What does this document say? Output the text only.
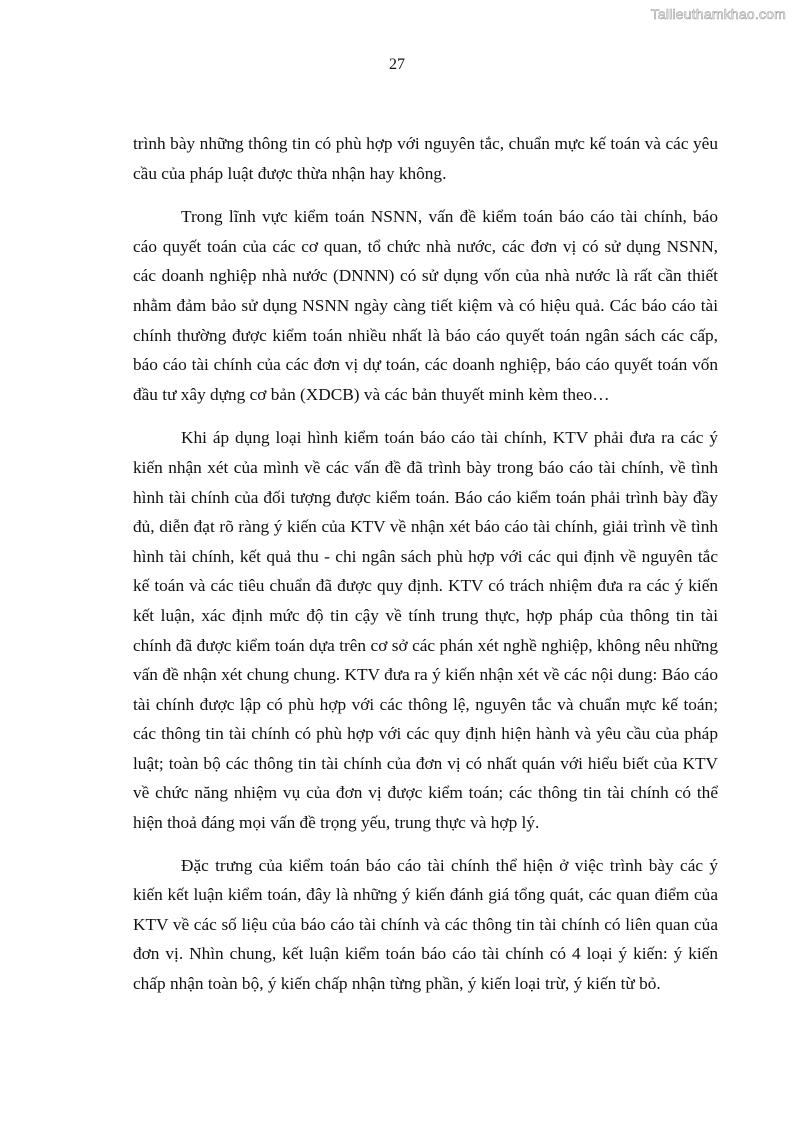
Tailieuthamkhao.com
27

trình bày những thông tin có phù hợp với nguyên tắc, chuẩn mực kế toán và các yêu cầu của pháp luật được thừa nhận hay không.

Trong lĩnh vực kiểm toán NSNN, vấn đề kiểm toán báo cáo tài chính, báo cáo quyết toán của các cơ quan, tổ chức nhà nước, các đơn vị có sử dụng NSNN, các doanh nghiệp nhà nước (DNNN) có sử dụng vốn của nhà nước là rất cần thiết nhằm đảm bảo sử dụng NSNN ngày càng tiết kiệm và có hiệu quả. Các báo cáo tài chính thường được kiểm toán nhiều nhất là báo cáo quyết toán ngân sách các cấp, báo cáo tài chính của các đơn vị dự toán, các doanh nghiệp, báo cáo quyết toán vốn đầu tư xây dựng cơ bản (XDCB) và các bản thuyết minh kèm theo…

Khi áp dụng loại hình kiểm toán báo cáo tài chính, KTV phải đưa ra các ý kiến nhận xét của mình về các vấn đề đã trình bày trong báo cáo tài chính, về tình hình tài chính của đối tượng được kiểm toán. Báo cáo kiểm toán phải trình bày đầy đủ, diễn đạt rõ ràng ý kiến của KTV về nhận xét báo cáo tài chính, giải trình về tình hình tài chính, kết quả thu - chi ngân sách phù hợp với các qui định về nguyên tắc kế toán và các tiêu chuẩn đã được quy định. KTV có trách nhiệm đưa ra các ý kiến kết luận, xác định mức độ tin cậy về tính trung thực, hợp pháp của thông tin tài chính đã được kiểm toán dựa trên cơ sở các phán xét nghề nghiệp, không nêu những vấn đề nhận xét chung chung. KTV đưa ra ý kiến nhận xét về các nội dung: Báo cáo tài chính được lập có phù hợp với các thông lệ, nguyên tắc và chuẩn mực kế toán; các thông tin tài chính có phù hợp với các quy định hiện hành và yêu cầu của pháp luật; toàn bộ các thông tin tài chính của đơn vị có nhất quán với hiểu biết của KTV về chức năng nhiệm vụ của đơn vị được kiểm toán; các thông tin tài chính có thể hiện thoả đáng mọi vấn đề trọng yếu, trung thực và hợp lý.

Đặc trưng của kiểm toán báo cáo tài chính thể hiện ở việc trình bày các ý kiến kết luận kiểm toán, đây là những ý kiến đánh giá tổng quát, các quan điểm của KTV về các số liệu của báo cáo tài chính và các thông tin tài chính có liên quan của đơn vị. Nhìn chung, kết luận kiểm toán báo cáo tài chính có 4 loại ý kiến: ý kiến chấp nhận toàn bộ, ý kiến chấp nhận từng phần, ý kiến loại trừ, ý kiến từ bỏ.
